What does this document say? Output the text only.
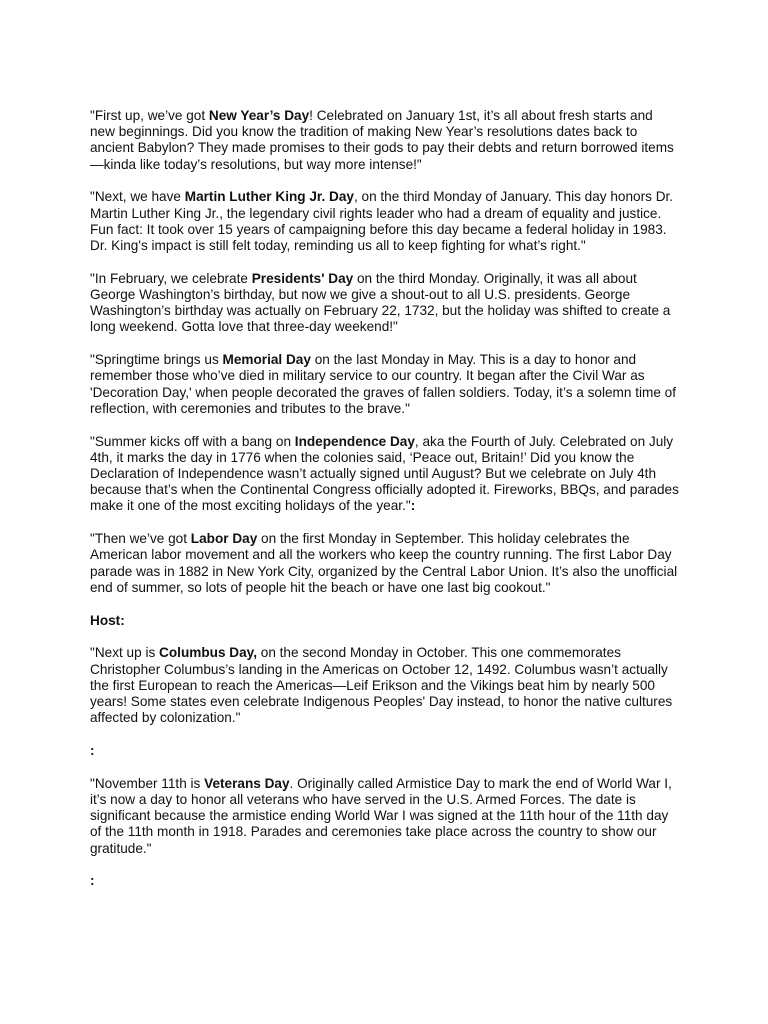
"First up, we’ve got New Year’s Day! Celebrated on January 1st, it’s all about fresh starts and new beginnings. Did you know the tradition of making New Year’s resolutions dates back to ancient Babylon? They made promises to their gods to pay their debts and return borrowed items—kinda like today’s resolutions, but way more intense!"

"Next, we have Martin Luther King Jr. Day, on the third Monday of January. This day honors Dr. Martin Luther King Jr., the legendary civil rights leader who had a dream of equality and justice. Fun fact: It took over 15 years of campaigning before this day became a federal holiday in 1983. Dr. King's impact is still felt today, reminding us all to keep fighting for what’s right."

"In February, we celebrate Presidents' Day on the third Monday. Originally, it was all about George Washington’s birthday, but now we give a shout-out to all U.S. presidents. George Washington’s birthday was actually on February 22, 1732, but the holiday was shifted to create a long weekend. Gotta love that three-day weekend!"

"Springtime brings us Memorial Day on the last Monday in May. This is a day to honor and remember those who’ve died in military service to our country. It began after the Civil War as 'Decoration Day,' when people decorated the graves of fallen soldiers. Today, it’s a solemn time of reflection, with ceremonies and tributes to the brave."

"Summer kicks off with a bang on Independence Day, aka the Fourth of July. Celebrated on July 4th, it marks the day in 1776 when the colonies said, ‘Peace out, Britain!’ Did you know the Declaration of Independence wasn’t actually signed until August? But we celebrate on July 4th because that’s when the Continental Congress officially adopted it. Fireworks, BBQs, and parades make it one of the most exciting holidays of the year.":

"Then we’ve got Labor Day on the first Monday in September. This holiday celebrates the American labor movement and all the workers who keep the country running. The first Labor Day parade was in 1882 in New York City, organized by the Central Labor Union. It’s also the unofficial end of summer, so lots of people hit the beach or have one last big cookout."

Host:

"Next up is Columbus Day, on the second Monday in October. This one commemorates Christopher Columbus’s landing in the Americas on October 12, 1492. Columbus wasn’t actually the first European to reach the Americas—Leif Erikson and the Vikings beat him by nearly 500 years! Some states even celebrate Indigenous Peoples' Day instead, to honor the native cultures affected by colonization."

:

"November 11th is Veterans Day. Originally called Armistice Day to mark the end of World War I, it’s now a day to honor all veterans who have served in the U.S. Armed Forces. The date is significant because the armistice ending World War I was signed at the 11th hour of the 11th day of the 11th month in 1918. Parades and ceremonies take place across the country to show our gratitude."

:
